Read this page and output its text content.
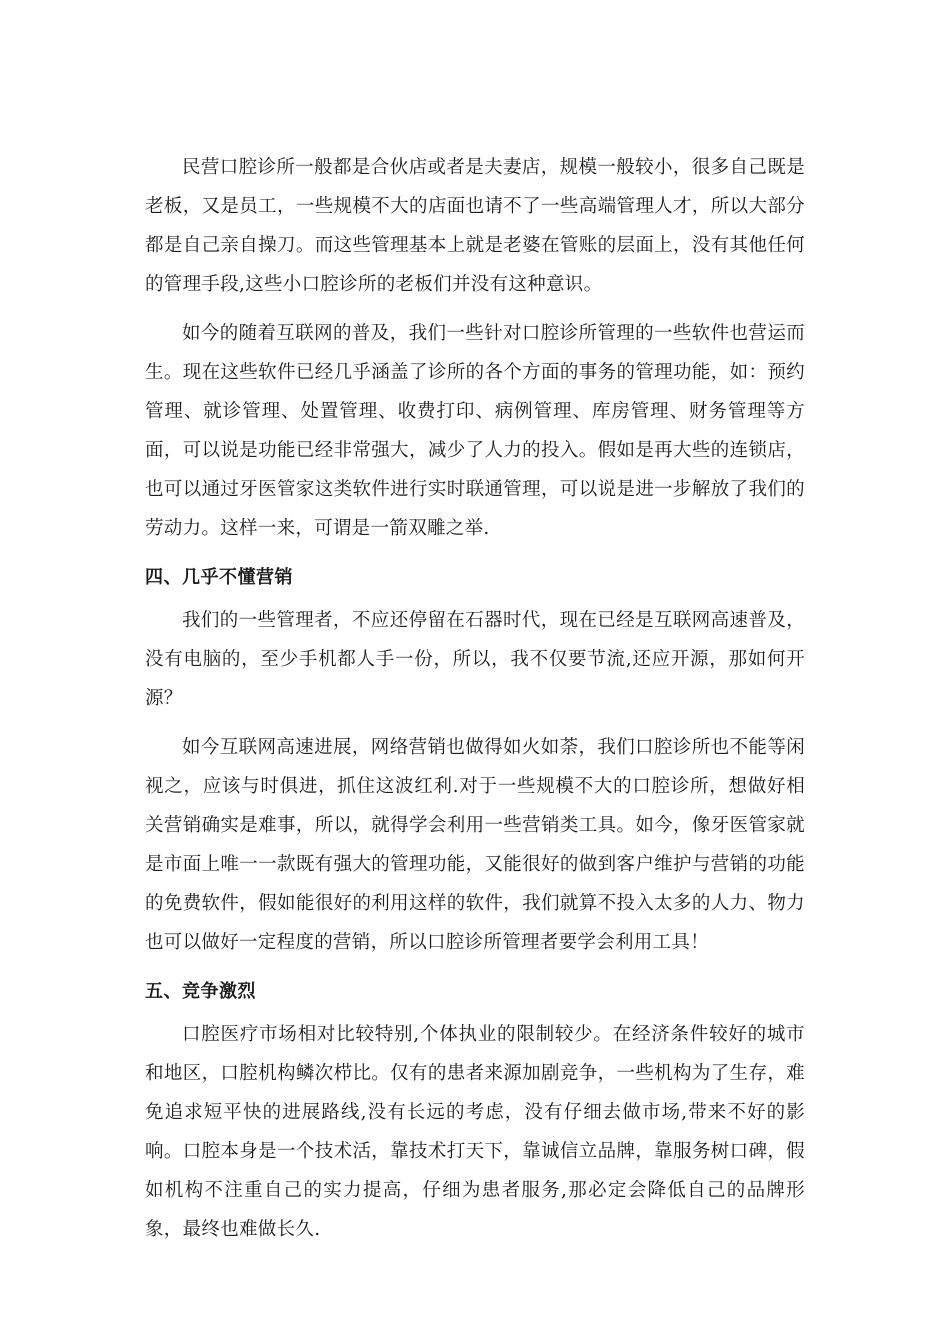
民营口腔诊所一般都是合伙店或者是夫妻店，规模一般较小，很多自己既是老板，又是员工，一些规模不大的店面也请不了一些高端管理人才，所以大部分都是自己亲自操刀。而这些管理基本上就是老婆在管账的层面上，没有其他任何的管理手段,这些小口腔诊所的老板们并没有这种意识。

如今的随着互联网的普及，我们一些针对口腔诊所管理的一些软件也营运而生。现在这些软件已经几乎涵盖了诊所的各个方面的事务的管理功能，如：预约管理、就诊管理、处置管理、收费打印、病例管理、库房管理、财务管理等方面，可以说是功能已经非常强大，减少了人力的投入。假如是再大些的连锁店，也可以通过牙医管家这类软件进行实时联通管理，可以说是进一步解放了我们的劳动力。这样一来，可谓是一箭双雕之举.

四、几乎不懂营销

我们的一些管理者，不应还停留在石器时代，现在已经是互联网高速普及，没有电脑的，至少手机都人手一份，所以，我不仅要节流,还应开源，那如何开源？

如今互联网高速进展，网络营销也做得如火如荼，我们口腔诊所也不能等闲视之，应该与时俱进，抓住这波红利.对于一些规模不大的口腔诊所，想做好相关营销确实是难事，所以，就得学会利用一些营销类工具。如今，像牙医管家就是市面上唯一一款既有强大的管理功能，又能很好的做到客户维护与营销的功能的免费软件，假如能很好的利用这样的软件，我们就算不投入太多的人力、物力也可以做好一定程度的营销，所以口腔诊所管理者要学会利用工具！

五、竞争激烈

口腔医疗市场相对比较特别,个体执业的限制较少。在经济条件较好的城市和地区，口腔机构鳞次栉比。仅有的患者来源加剧竞争，一些机构为了生存，难免追求短平快的进展路线,没有长远的考虑，没有仔细去做市场,带来不好的影响。口腔本身是一个技术活，靠技术打天下，靠诚信立品牌，靠服务树口碑，假如机构不注重自己的实力提高，仔细为患者服务,那必定会降低自己的品牌形象，最终也难做长久.
